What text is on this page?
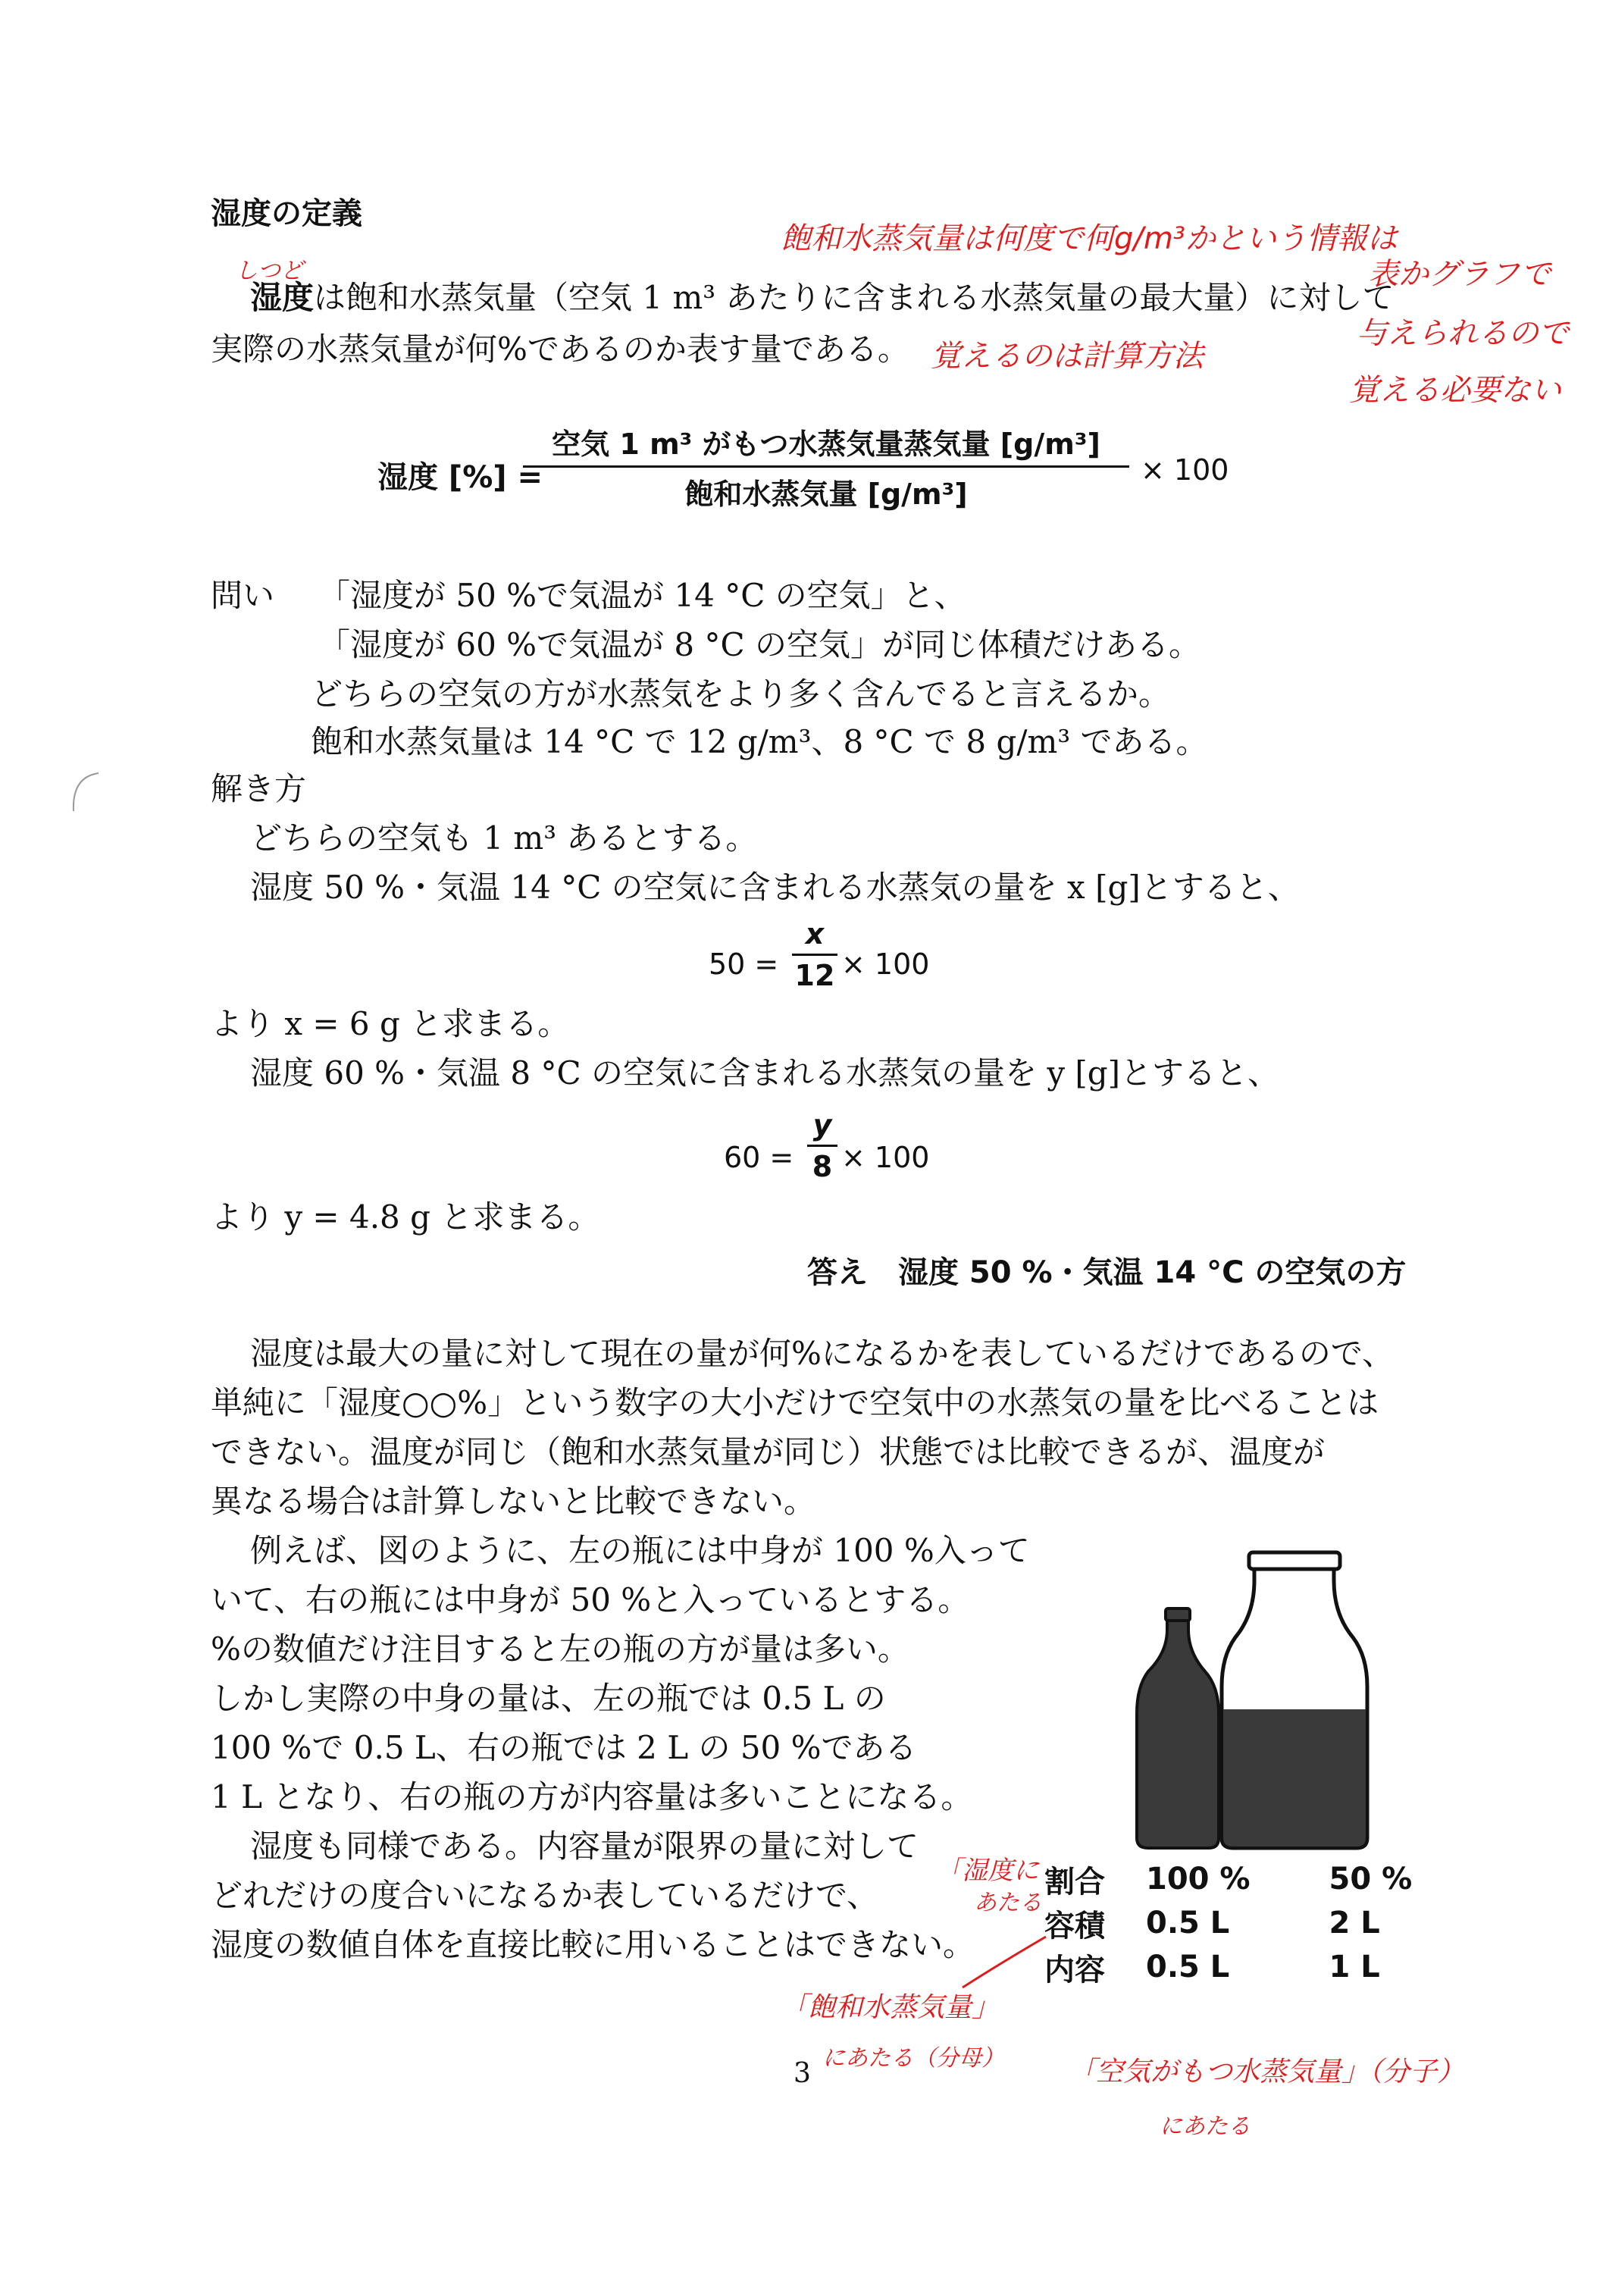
湿度の定義
飽和水蒸気量は何度で何g/m³かという情報は
表かグラフで
与えられるので
覚える必要ない
しつど
覚えるのは計算方法
湿度は飽和水蒸気量（空気 1 m³ あたりに含まれる水蒸気量の最大量）に対して
実際の水蒸気量が何%であるのか表す量である。
湿度 [%] =
空気 1 m³ がもつ水蒸気量蒸気量 [g/m³]
飽和水蒸気量 [g/m³]
× 100
問い 「湿度が 50 %で気温が 14 °C の空気」と、
「湿度が 60 %で気温が 8 °C の空気」が同じ体積だけある。
どちらの空気の方が水蒸気をより多く含んでると言えるか。
飽和水蒸気量は 14 °C で 12 g/m³、8 °C で 8 g/m³ である。
解き方
どちらの空気も 1 m³ あるとする。
湿度 50 %・気温 14 °C の空気に含まれる水蒸気の量を x [g]とすると、
50 =
x
12 × 100
より x = 6 g と求まる。
湿度 60 %・気温 8 °C の空気に含まれる水蒸気の量を y [g]とすると、
60 =
y
8 × 100
より y = 4.8 g と求まる。
答え　湿度 50 %・気温 14 °C の空気の方
湿度は最大の量に対して現在の量が何%になるかを表しているだけであるので、
単純に「湿度○○%」という数字の大小だけで空気中の水蒸気の量を比べることは
できない。温度が同じ（飽和水蒸気量が同じ）状態では比較できるが、温度が
異なる場合は計算しないと比較できない。
例えば、図のように、左の瓶には中身が 100 %入って
いて、右の瓶には中身が 50 %と入っているとする。
%の数値だけ注目すると左の瓶の方が量は多い。
しかし実際の中身の量は、左の瓶では 0.5 L の
100 %で 0.5 L、右の瓶では 2 L の 50 %である
1 L となり、右の瓶の方が内容量は多いことになる。
湿度も同様である。内容量が限界の量に対して
どれだけの度合いになるか表しているだけで、
湿度の数値自体を直接比較に用いることはできない。
割合	100 %	50 %
容積	0.5 L	2 L
内容	0.5 L	1 L
「湿度に
あたる
「飽和水蒸気量」
にあたる（分母） 「空気がもつ水蒸気量」（分子）
にあたる
3
